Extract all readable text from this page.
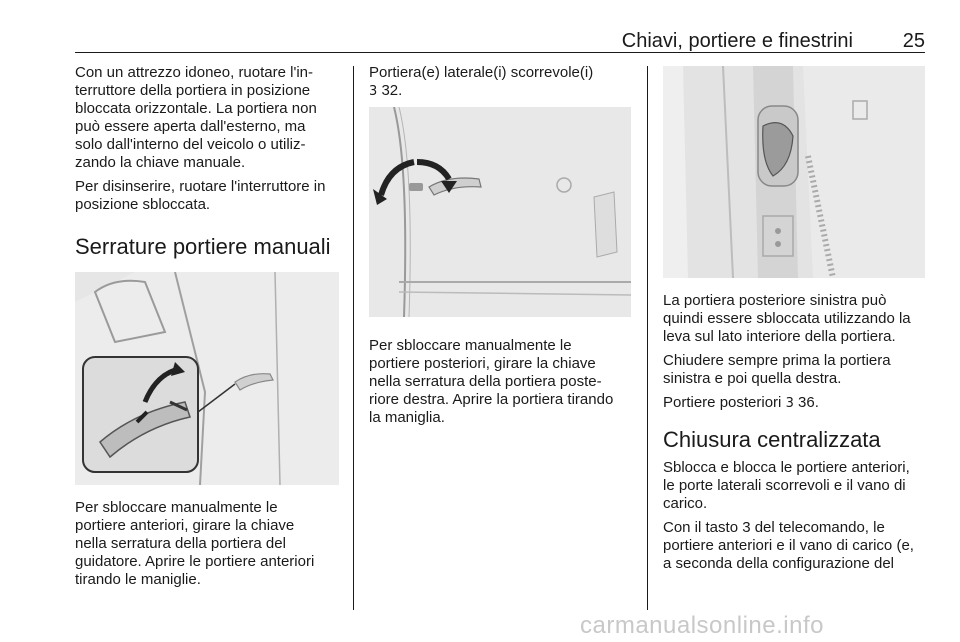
Chiavi, portiere e finestrini 25

Con un attrezzo idoneo, ruotare l'in-
terruttore della portiera in posizione
bloccata orizzontale. La portiera non
può essere aperta dall'esterno, ma
solo dall'interno del veicolo o utiliz-
zando la chiave manuale.

Per disinserire, ruotare l'interruttore in
posizione sbloccata.

Serrature portiere manuali

Per sbloccare manualmente le
portiere anteriori, girare la chiave
nella serratura della portiera del
guidatore. Aprire le portiere anteriori
tirando le maniglie.

Portiera(e) laterale(i) scorrevole(i)
3 32.

Per sbloccare manualmente le
portiere posteriori, girare la chiave
nella serratura della portiera poste-
riore destra. Aprire la portiera tirando
la maniglia.

La portiera posteriore sinistra può
quindi essere sbloccata utilizzando la
leva sul lato interiore della portiera.

Chiudere sempre prima la portiera
sinistra e poi quella destra.

Portiere posteriori 3 36.

Chiusura centralizzata

Sblocca e blocca le portiere anteriori,
le porte laterali scorrevoli e il vano di
carico.

Con il tasto 3 del telecomando, le
portiere anteriori e il vano di carico (e,
a seconda della configurazione del

carmanualsonline.info
